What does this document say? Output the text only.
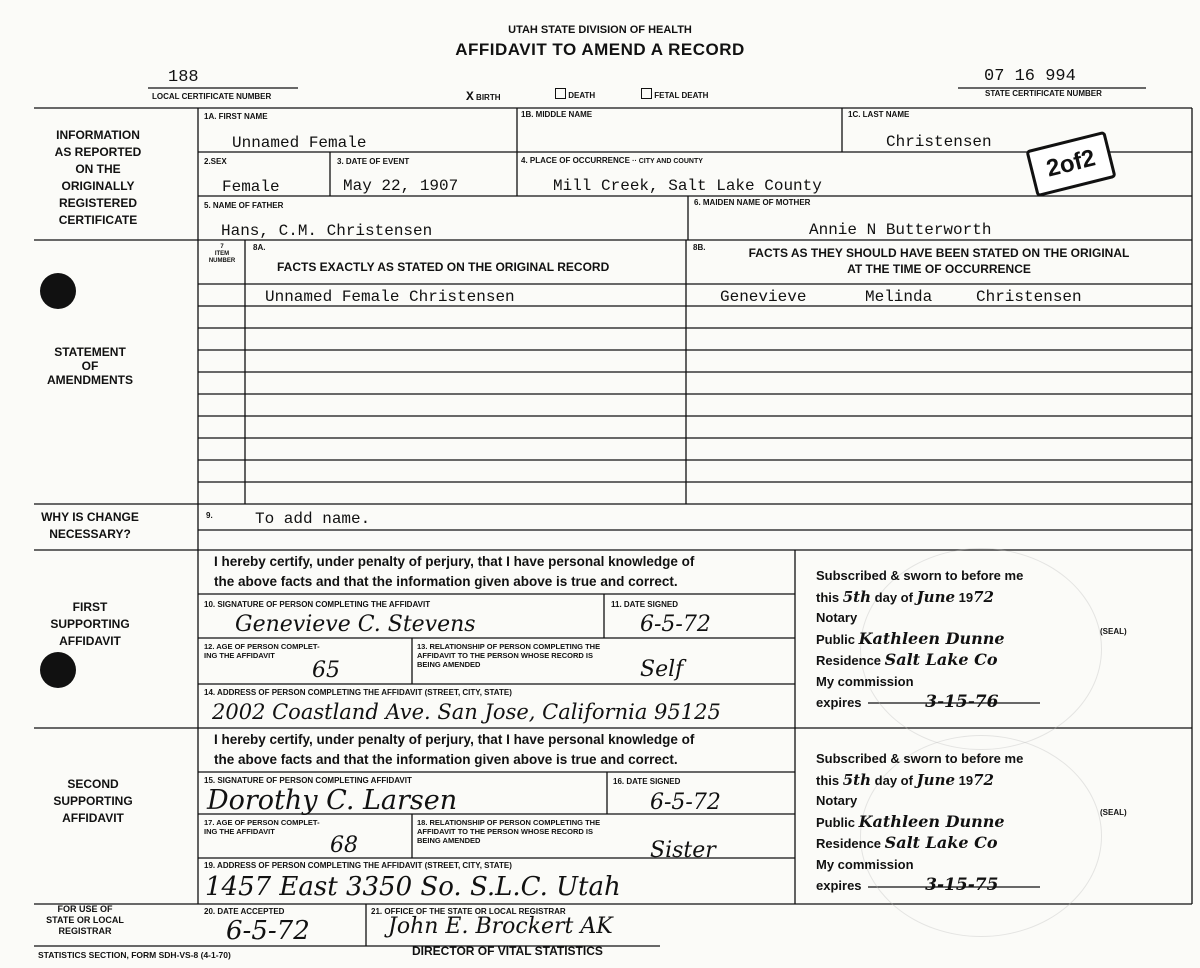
UTAH STATE DIVISION OF HEALTH
AFFIDAVIT TO AMEND A RECORD
188
LOCAL CERTIFICATE NUMBER
07 16 994
STATE CERTIFICATE NUMBER
X BIRTH	DEATH	FETAL DEATH
INFORMATION
AS REPORTED
ON THE
ORIGINALLY
REGISTERED
CERTIFICATE
STATEMENT
OF
AMENDMENTS
WHY IS CHANGE
NECESSARY?
FIRST
SUPPORTING
AFFIDAVIT
SECOND
SUPPORTING
AFFIDAVIT
FOR USE OF
STATE OR LOCAL
REGISTRAR
1A. FIRST NAME
Unnamed Female
1B. MIDDLE NAME	1C. LAST NAME
Christensen
2.SEX
Female
3. DATE OF EVENT
May 22, 1907
4. PLACE OF OCCURRENCE ·· CITY AND COUNTY
Mill Creek, Salt Lake County
5. NAME OF FATHER
Hans, C.M. Christensen
6. MAIDEN NAME OF MOTHER
Annie N Butterworth
2of2
7
ITEM
NUMBER
8A.
FACTS EXACTLY AS STATED ON THE ORIGINAL RECORD
8B.	FACTS AS THEY SHOULD HAVE BEEN STATED ON THE ORIGINAL
AT THE TIME OF OCCURRENCE
Unnamed Female Christensen	Genevieve	Melinda	Christensen
9.	To add name.
I hereby certify, under penalty of perjury, that I have personal knowledge of
the above facts and that the information given above is true and correct.
10. SIGNATURE OF PERSON COMPLETING THE AFFIDAVIT
Genevieve C. Stevens
11. DATE SIGNED
6-5-72
12. AGE OF PERSON COMPLET-
ING THE AFFIDAVIT
65
13. RELATIONSHIP OF PERSON COMPLETING THE
AFFIDAVIT TO THE PERSON WHOSE RECORD IS
BEING AMENDED	Self
14. ADDRESS OF PERSON COMPLETING THE AFFIDAVIT (STREET, CITY, STATE)
2002 Coastland Ave. San Jose, California 95125
Subscribed & sworn to before me
this 5th day of June 1972
Notary
Public Kathleen Dunne
Residence Salt Lake Co
My commission
expires	3-15-76
(SEAL)
I hereby certify, under penalty of perjury, that I have personal knowledge of
the above facts and that the information given above is true and correct.
15. SIGNATURE OF PERSON COMPLETING AFFIDAVIT
Dorothy C. Larsen
16. DATE SIGNED
6-5-72
17. AGE OF PERSON COMPLET-
ING THE AFFIDAVIT
68
18. RELATIONSHIP OF PERSON COMPLETING THE
AFFIDAVIT TO THE PERSON WHOSE RECORD IS
BEING AMENDED	Sister
19. ADDRESS OF PERSON COMPLETING THE AFFIDAVIT (STREET, CITY, STATE)
1457 East 3350 So. S.L.C. Utah
Subscribed & sworn to before me
this 5th day of June 1972
Notary
Public Kathleen Dunne
Residence Salt Lake Co
My commission
expires	3-15-75
(SEAL)
20. DATE ACCEPTED
6-5-72
21. OFFICE OF THE STATE OR LOCAL REGISTRAR
John E. Brockert AK
DIRECTOR OF VITAL STATISTICS
STATISTICS SECTION, FORM SDH-VS-8 (4-1-70)
